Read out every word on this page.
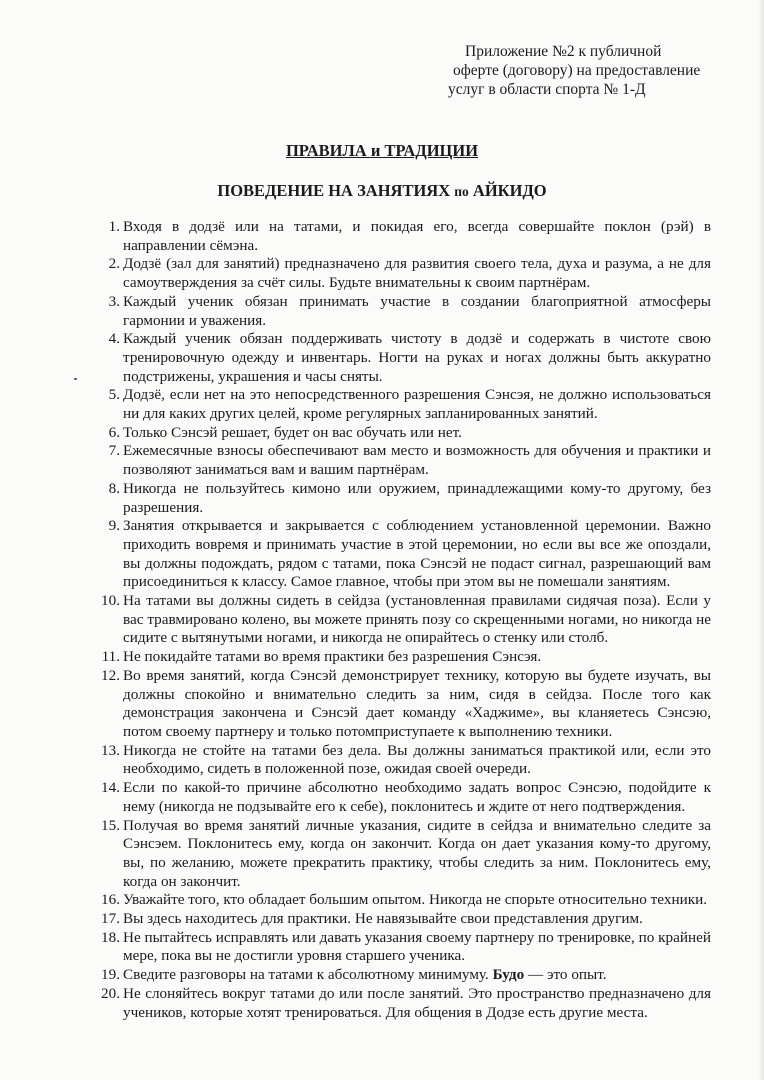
Приложение №2 к публичной
оферте (договору) на предоставление
услуг в области спорта № 1-Д
ПРАВИЛА и ТРАДИЦИИ
ПОВЕДЕНИЕ НА ЗАНЯТИЯХ по АЙКИДО
1. Входя в додзё или на татами, и покидая его, всегда совершайте поклон (рэй) в направлении сёмэна.
2. Додзё (зал для занятий) предназначено для развития своего тела, духа и разума, а не для самоутверждения за счёт силы. Будьте внимательны к своим партнёрам.
3. Каждый ученик обязан принимать участие в создании благоприятной атмосферы гармонии и уважения.
4. Каждый ученик обязан поддерживать чистоту в додзё и содержать в чистоте свою тренировочную одежду и инвентарь. Ногти на руках и ногах должны быть аккуратно подстрижены, украшения и часы сняты.
5. Додзё, если нет на это непосредственного разрешения Сэнсэя, не должно использоваться ни для каких других целей, кроме регулярных запланированных занятий.
6. Только Сэнсэй решает, будет он вас обучать или нет.
7. Ежемесячные взносы обеспечивают вам место и возможность для обучения и практики и позволяют заниматься вам и вашим партнёрам.
8. Никогда не пользуйтесь кимоно или оружием, принадлежащими кому-то другому, без разрешения.
9. Занятия открывается и закрывается с соблюдением установленной церемонии. Важно приходить вовремя и принимать участие в этой церемонии, но если вы все же опоздали, вы должны подождать, рядом с татами, пока Сэнсэй не подаст сигнал, разрешающий вам присоединиться к классу. Самое главное, чтобы при этом вы не помешали занятиям.
10. На татами вы должны сидеть в сейдза (установленная правилами сидячая поза). Если у вас травмировано колено, вы можете принять позу со скрещенными ногами, но никогда не сидите с вытянутыми ногами, и никогда не опирайтесь о стенку или столб.
11. Не покидайте татами во время практики без разрешения Сэнсэя.
12. Во время занятий, когда Сэнсэй демонстрирует технику, которую вы будете изучать, вы должны спокойно и внимательно следить за ним, сидя в сейдза. После того как демонстрация закончена и Сэнсэй дает команду «Хаджиме», вы кланяетесь Сэнсэю, потом своему партнеру и только потомприступаете к выполнению техники.
13. Никогда не стойте на татами без дела. Вы должны заниматься практикой или, если это необходимо, сидеть в положенной позе, ожидая своей очереди.
14. Если по какой-то причине абсолютно необходимо задать вопрос Сэнсэю, подойдите к нему (никогда не подзывайте его к себе), поклонитесь и ждите от него подтверждения.
15. Получая во время занятий личные указания, сидите в сейдза и внимательно следите за Сэнсэем. Поклонитесь ему, когда он закончит. Когда он дает указания кому-то другому, вы, по желанию, можете прекратить практику, чтобы следить за ним. Поклонитесь ему, когда он закончит.
16. Уважайте того, кто обладает большим опытом. Никогда не спорьте относительно техники.
17. Вы здесь находитесь для практики. Не навязывайте свои представления другим.
18. Не пытайтесь исправлять или давать указания своему партнеру по тренировке, по крайней мере, пока вы не достигли уровня старшего ученика.
19. Сведите разговоры на татами к абсолютному минимуму. Будо — это опыт.
20. Не слоняйтесь вокруг татами до или после занятий. Это пространство предназначено для учеников, которые хотят тренироваться. Для общения в Додзе есть другие места.
